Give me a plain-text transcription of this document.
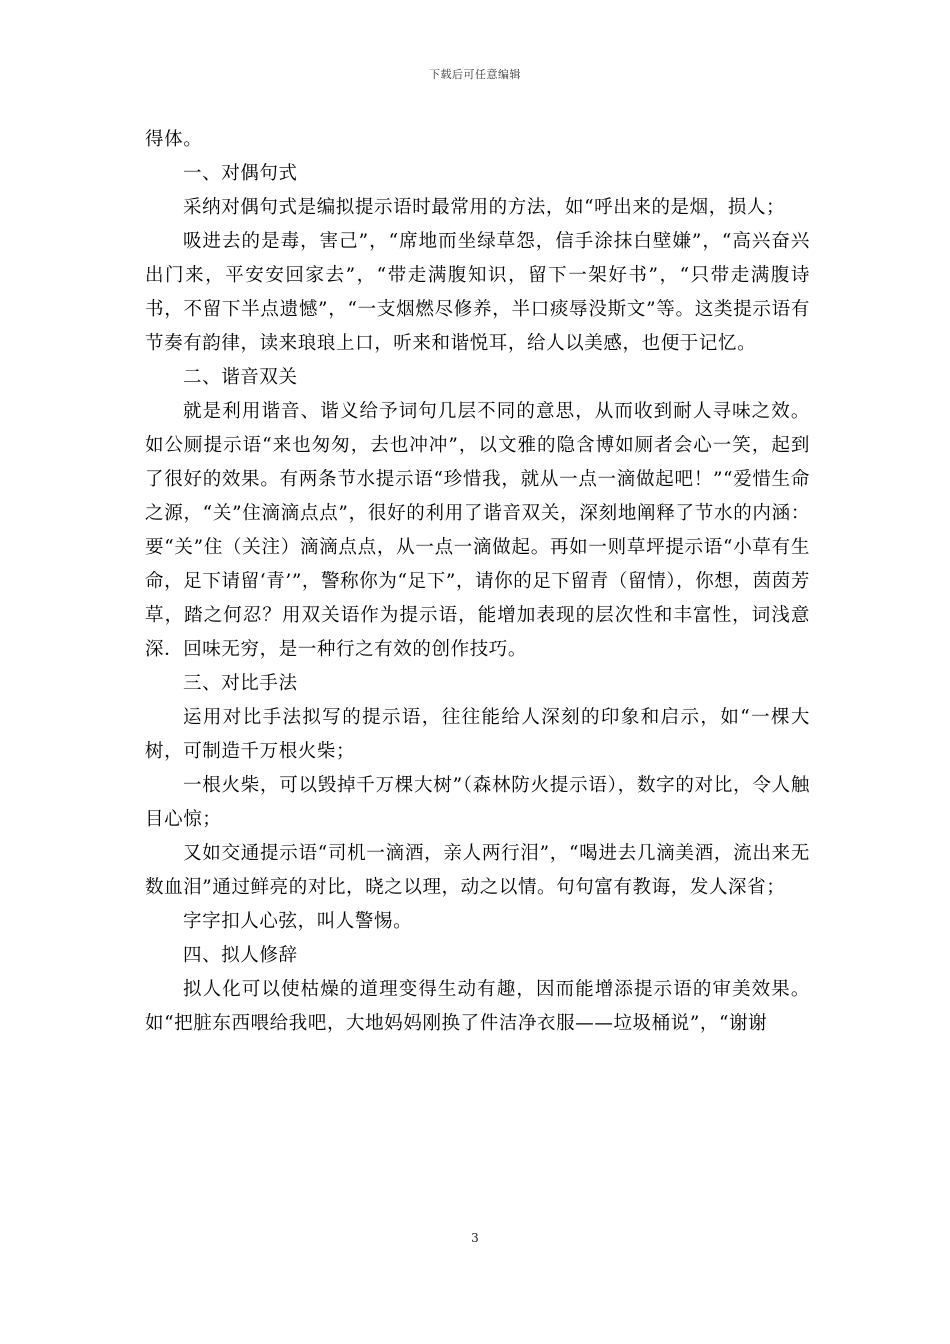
下载后可任意编辑

得体。

一、对偶句式

采纳对偶句式是编拟提示语时最常用的方法，如“呼出来的是烟，损人；

吸进去的是毒，害己”，“席地而坐绿草怨，信手涂抹白壁嫌”，“高兴奋兴出门来，平安安回家去”，“带走满腹知识，留下一架好书”，“只带走满腹诗书，不留下半点遗憾”，“一支烟燃尽修养，半口痰辱没斯文”等。这类提示语有节奏有韵律，读来琅琅上口，听来和谐悦耳，给人以美感，也便于记忆。

二、谐音双关

就是利用谐音、谐义给予词句几层不同的意思，从而收到耐人寻味之效。如公厕提示语“来也匆匆，去也冲冲”，以文雅的隐含博如厕者会心一笑，起到了很好的效果。有两条节水提示语“珍惜我，就从一点一滴做起吧！”“爱惜生命之源，“关”住滴滴点点”，很好的利用了谐音双关，深刻地阐释了节水的内涵：要“关”住（关注）滴滴点点，从一点一滴做起。再如一则草坪提示语“小草有生命，足下请留‘青’”，警称你为“足下”，请你的足下留青（留情），你想，茵茵芳草，踏之何忍？用双关语作为提示语，能增加表现的层次性和丰富性，词浅意深．回味无穷，是一种行之有效的创作技巧。

三、对比手法

运用对比手法拟写的提示语，往往能给人深刻的印象和启示，如“一棵大树，可制造千万根火柴；

一根火柴，可以毁掉千万棵大树”（森林防火提示语），数字的对比，令人触目心惊；

又如交通提示语“司机一滴酒，亲人两行泪”，“喝进去几滴美酒，流出来无数血泪”通过鲜亮的对比，晓之以理，动之以情。句句富有教诲，发人深省；

字字扣人心弦，叫人警惕。

四、拟人修辞

拟人化可以使枯燥的道理变得生动有趣，因而能增添提示语的审美效果。如“把脏东西喂给我吧，大地妈妈刚换了件洁净衣服——垃圾桶说”，“谢谢

3
